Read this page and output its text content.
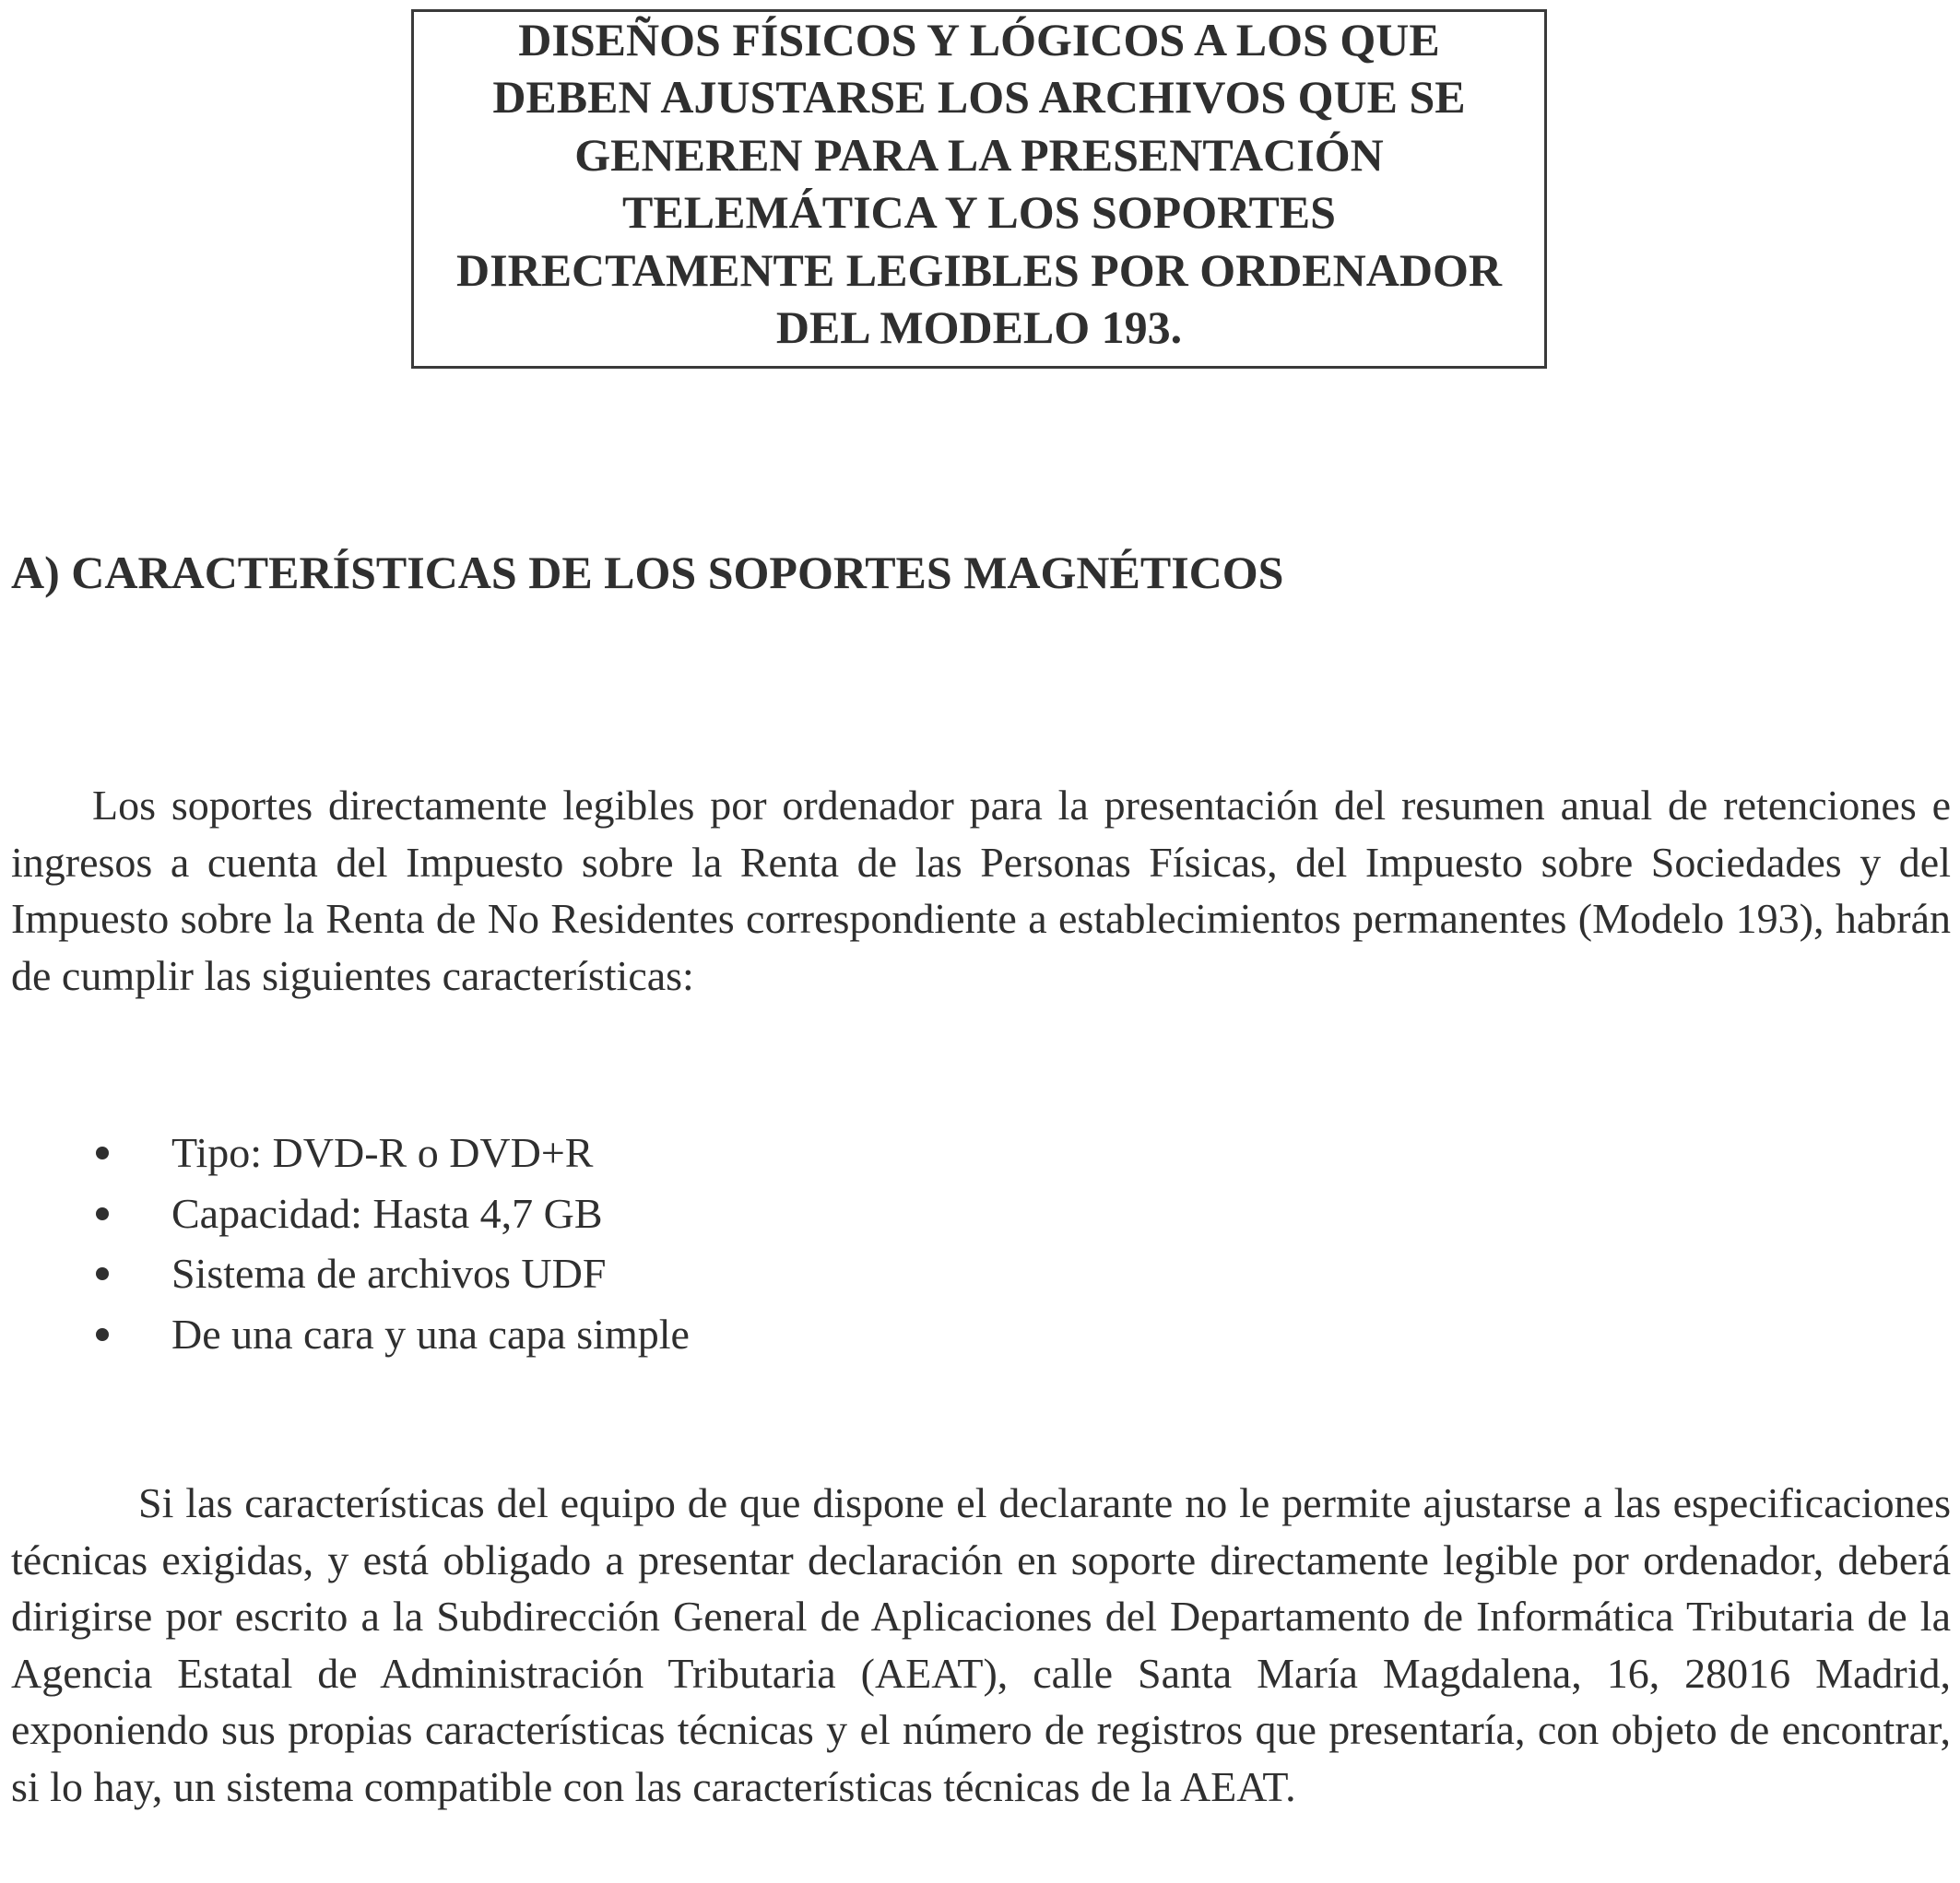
DISEÑOS FÍSICOS Y LÓGICOS A LOS QUE
DEBEN AJUSTARSE LOS ARCHIVOS QUE SE
GENEREN PARA LA PRESENTACIÓN
TELEMÁTICA Y LOS SOPORTES
DIRECTAMENTE LEGIBLES POR ORDENADOR
DEL MODELO 193.
A) CARACTERÍSTICAS DE LOS SOPORTES MAGNÉTICOS
Los soportes directamente legibles por ordenador para la presentación del resumen anual de retenciones e ingresos a cuenta del Impuesto sobre la Renta de las Personas Físicas, del Impuesto sobre Sociedades y del Impuesto sobre la Renta de No Residentes correspondiente a establecimientos permanentes (Modelo 193), habrán de cumplir las siguientes características:
Tipo: DVD-R o DVD+R
Capacidad: Hasta 4,7 GB
Sistema de archivos UDF
De una cara y una capa simple
Si las características del equipo de que dispone el declarante no le permite ajustarse a las especificaciones técnicas exigidas, y está obligado a presentar declaración en soporte directamente legible por ordenador, deberá dirigirse por escrito a la Subdirección General de Aplicaciones del Departamento de Informática Tributaria de la Agencia Estatal de Administración Tributaria (AEAT), calle Santa María Magdalena, 16, 28016 Madrid, exponiendo sus propias características técnicas y el número de registros que presentaría, con objeto de encontrar, si lo hay, un sistema compatible con las características técnicas de la AEAT.
